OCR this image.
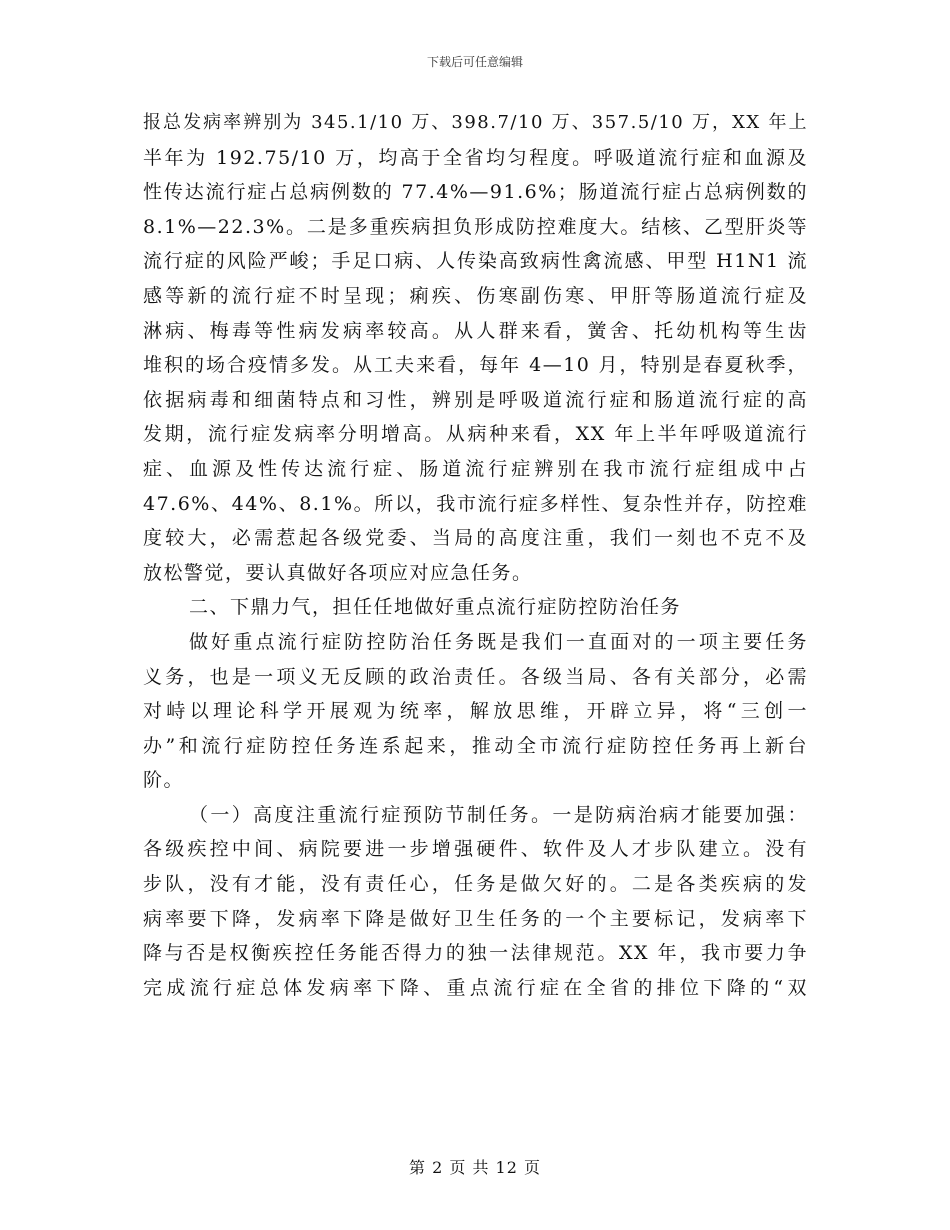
下载后可任意编辑
报总发病率辨别为 345.1/10 万、398.7/10 万、357.5/10 万，XX 年上
半年为 192.75/10 万，均高于全省均匀程度。呼吸道流行症和血源及
性传达流行症占总病例数的 77.4%—91.6%；肠道流行症占总病例数的
8.1%—22.3%。二是多重疾病担负形成防控难度大。结核、乙型肝炎等
流行症的风险严峻；手足口病、人传染高致病性禽流感、甲型 H1N1 流
感等新的流行症不时呈现；痢疾、伤寒副伤寒、甲肝等肠道流行症及
淋病、梅毒等性病发病率较高。从人群来看，黉舍、托幼机构等生齿
堆积的场合疫情多发。从工夫来看，每年 4—10 月，特别是春夏秋季，
依据病毒和细菌特点和习性，辨别是呼吸道流行症和肠道流行症的高
发期，流行症发病率分明增高。从病种来看，XX 年上半年呼吸道流行
症、血源及性传达流行症、肠道流行症辨别在我市流行症组成中占
47.6%、44%、8.1%。所以，我市流行症多样性、复杂性并存，防控难
度较大，必需惹起各级党委、当局的高度注重，我们一刻也不克不及
放松警觉，要认真做好各项应对应急任务。
二、下鼎力气，担任任地做好重点流行症防控防治任务
做好重点流行症防控防治任务既是我们一直面对的一项主要任务
义务，也是一项义无反顾的政治责任。各级当局、各有关部分，必需
对峙以理论科学开展观为统率，解放思维，开辟立异，将“三创一
办”和流行症防控任务连系起来，推动全市流行症防控任务再上新台
阶。
（一）高度注重流行症预防节制任务。一是防病治病才能要加强：
各级疾控中间、病院要进一步增强硬件、软件及人才步队建立。没有
步队，没有才能，没有责任心，任务是做欠好的。二是各类疾病的发
病率要下降，发病率下降是做好卫生任务的一个主要标记，发病率下
降与否是权衡疾控任务能否得力的独一法律规范。XX 年，我市要力争
完成流行症总体发病率下降、重点流行症在全省的排位下降的“双
第 2 页 共 12 页
